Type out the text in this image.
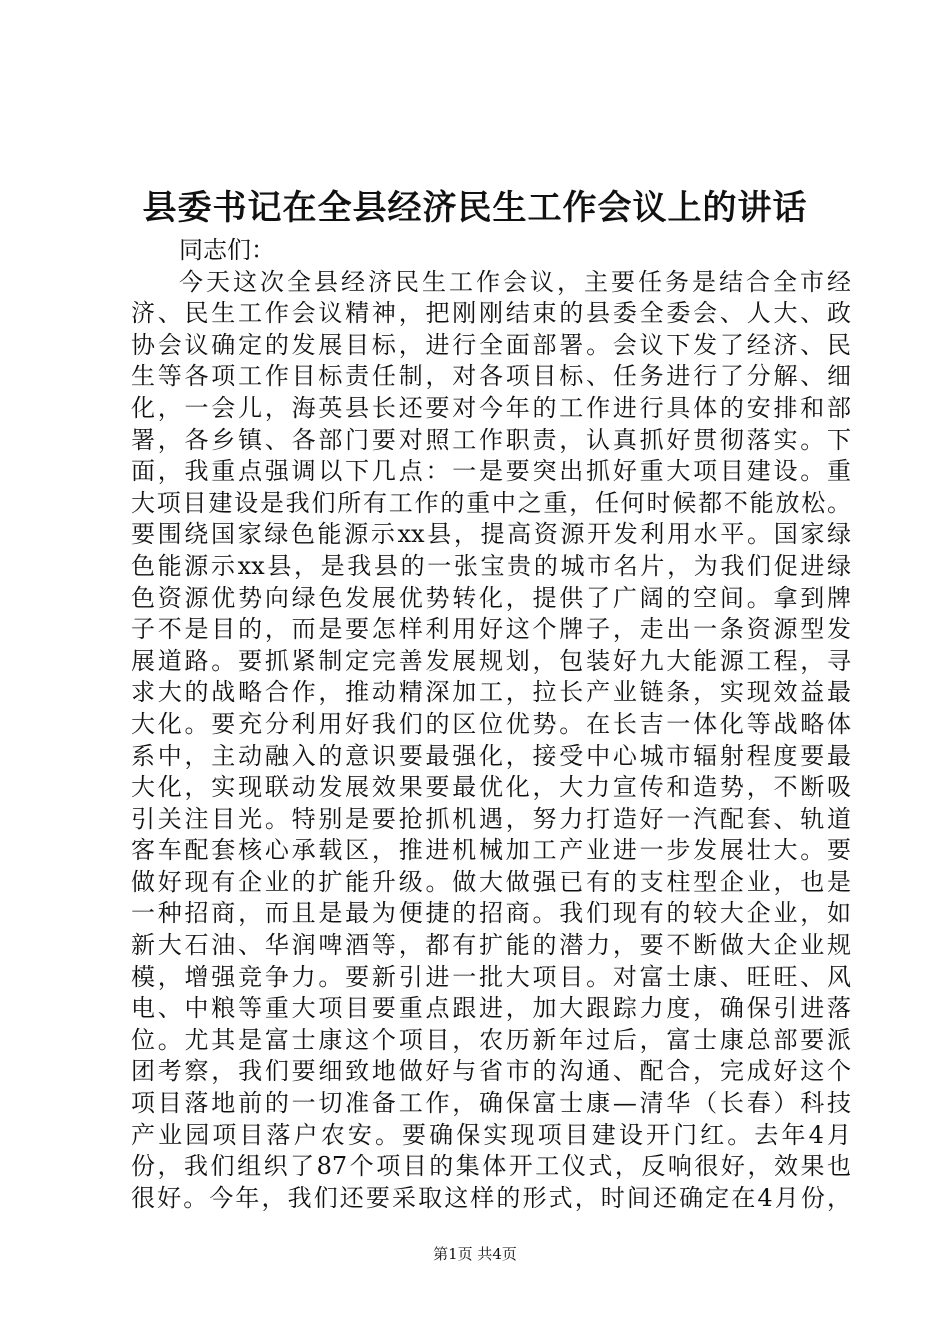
县委书记在全县经济民生工作会议上的讲话
同志们：
今天这次全县经济民生工作会议，主要任务是结合全市经
济、民生工作会议精神，把刚刚结束的县委全委会、人大、政
协会议确定的发展目标，进行全面部署。会议下发了经济、民
生等各项工作目标责任制，对各项目标、任务进行了分解、细
化，一会儿，海英县长还要对今年的工作进行具体的安排和部
署，各乡镇、各部门要对照工作职责，认真抓好贯彻落实。下
面，我重点强调以下几点：一是要突出抓好重大项目建设。重
大项目建设是我们所有工作的重中之重，任何时候都不能放松。
要围绕国家绿色能源示xx县，提高资源开发利用水平。国家绿
色能源示xx县，是我县的一张宝贵的城市名片，为我们促进绿
色资源优势向绿色发展优势转化，提供了广阔的空间。拿到牌
子不是目的，而是要怎样利用好这个牌子，走出一条资源型发
展道路。要抓紧制定完善发展规划，包装好九大能源工程，寻
求大的战略合作，推动精深加工，拉长产业链条，实现效益最
大化。要充分利用好我们的区位优势。在长吉一体化等战略体
系中，主动融入的意识要最强化，接受中心城市辐射程度要最
大化，实现联动发展效果要最优化，大力宣传和造势，不断吸
引关注目光。特别是要抢抓机遇，努力打造好一汽配套、轨道
客车配套核心承载区，推进机械加工产业进一步发展壮大。要
做好现有企业的扩能升级。做大做强已有的支柱型企业，也是
一种招商，而且是最为便捷的招商。我们现有的较大企业，如
新大石油、华润啤酒等，都有扩能的潜力，要不断做大企业规
模，增强竞争力。要新引进一批大项目。对富士康、旺旺、风
电、中粮等重大项目要重点跟进，加大跟踪力度，确保引进落
位。尤其是富士康这个项目，农历新年过后，富士康总部要派
团考察，我们要细致地做好与省市的沟通、配合，完成好这个
项目落地前的一切准备工作，确保富士康—清华（长春）科技
产业园项目落户农安。要确保实现项目建设开门红。去年4月
份，我们组织了87个项目的集体开工仪式，反响很好，效果也
很好。今年，我们还要采取这样的形式，时间还确定在4月份，
第1页 共4页
